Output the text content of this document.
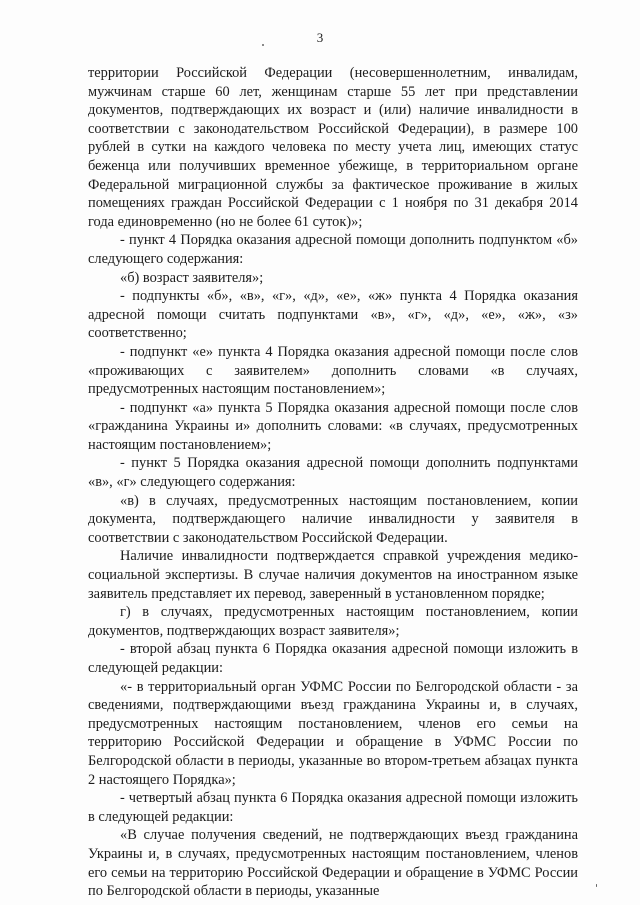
3

территории Российской Федерации (несовершеннолетним, инвалидам, мужчинам старше 60 лет, женщинам старше 55 лет при представлении документов, подтверждающих их возраст и (или) наличие инвалидности в соответствии с законодательством Российской Федерации), в размере 100 рублей в сутки на каждого человека по месту учета лиц, имеющих статус беженца или получивших временное убежище, в территориальном органе Федеральной миграционной службы за фактическое проживание в жилых помещениях граждан Российской Федерации с 1 ноября по 31 декабря 2014 года единовременно (но не более 61 суток)»;

- пункт 4 Порядка оказания адресной помощи дополнить подпунктом «б» следующего содержания:

«б) возраст заявителя»;

- подпункты «б», «в», «г», «д», «е», «ж» пункта 4 Порядка оказания адресной помощи считать подпунктами «в», «г», «д», «е», «ж», «з» соответственно;

- подпункт «е» пункта 4 Порядка оказания адресной помощи после слов «проживающих с заявителем» дополнить словами «в случаях, предусмотренных настоящим постановлением»;

- подпункт «а» пункта 5 Порядка оказания адресной помощи после слов «гражданина Украины и» дополнить словами: «в случаях, предусмотренных настоящим постановлением»;

- пункт 5 Порядка оказания адресной помощи дополнить подпунктами «в», «г» следующего содержания:

«в) в случаях, предусмотренных настоящим постановлением, копии документа, подтверждающего наличие инвалидности у заявителя в соответствии с законодательством Российской Федерации.

Наличие инвалидности подтверждается справкой учреждения медико-социальной экспертизы. В случае наличия документов на иностранном языке заявитель представляет их перевод, заверенный в установленном порядке;

г) в случаях, предусмотренных настоящим постановлением, копии документов, подтверждающих возраст заявителя»;

- второй абзац пункта 6 Порядка оказания адресной помощи изложить в следующей редакции:

«- в территориальный орган УФМС России по Белгородской области - за сведениями, подтверждающими въезд гражданина Украины и, в случаях, предусмотренных настоящим постановлением, членов его семьи на территорию Российской Федерации и обращение в УФМС России по Белгородской области в периоды, указанные во втором-третьем абзацах пункта 2 настоящего Порядка»;

- четвертый абзац пункта 6 Порядка оказания адресной помощи изложить в следующей редакции:

«В случае получения сведений, не подтверждающих въезд гражданина Украины и, в случаях, предусмотренных настоящим постановлением, членов его семьи на территорию Российской Федерации и обращение в УФМС России по Белгородской области в периоды, указанные
